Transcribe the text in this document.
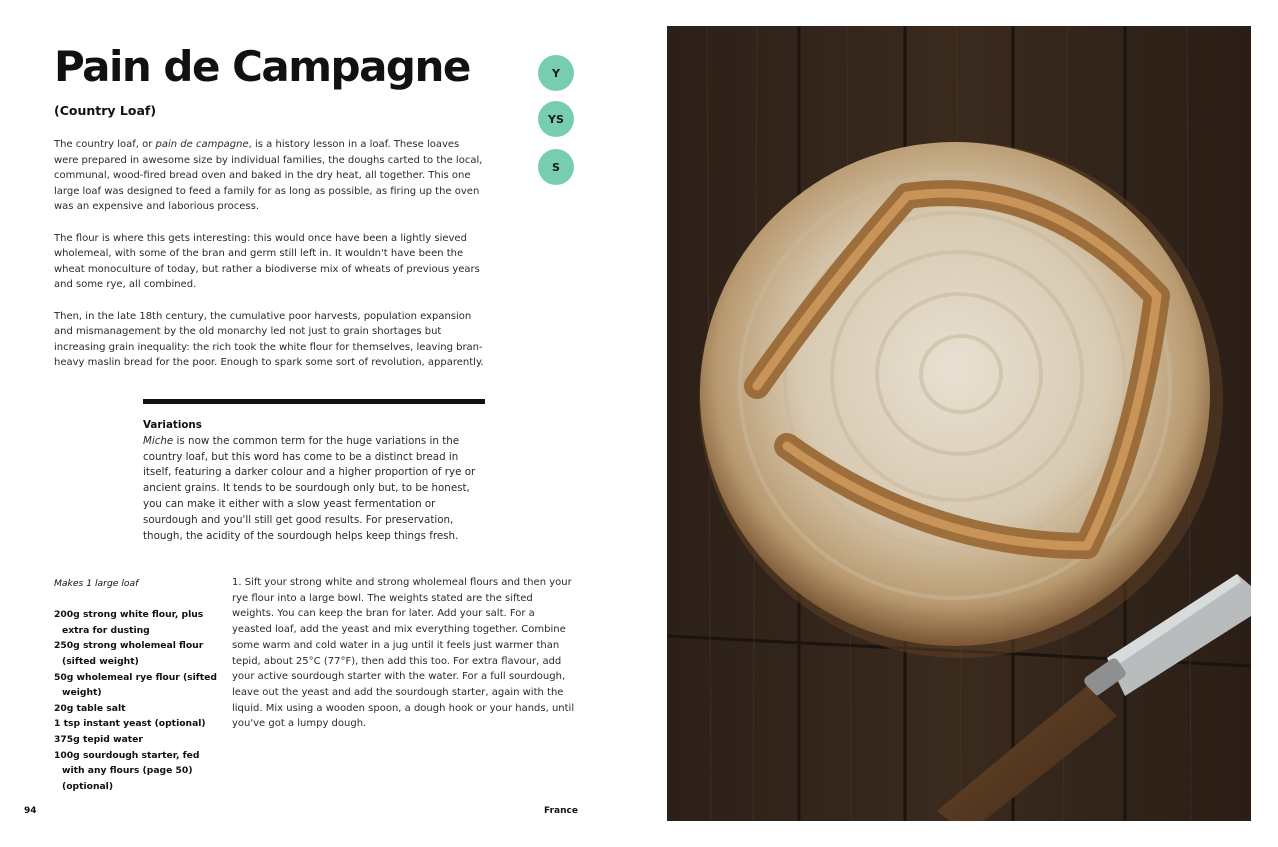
Pain de Campagne
(Country Loaf)
Y
YS
S

The country loaf, or pain de campagne, is a history lesson in a loaf. These loaves were prepared in awesome size by individual families, the doughs carted to the local, communal, wood-fired bread oven and baked in the dry heat, all together. This one large loaf was designed to feed a family for as long as possible, as firing up the oven was an expensive and laborious process.

The flour is where this gets interesting: this would once have been a lightly sieved wholemeal, with some of the bran and germ still left in. It wouldn't have been the wheat monoculture of today, but rather a biodiverse mix of wheats of previous years and some rye, all combined.

Then, in the late 18th century, the cumulative poor harvests, population expansion and mismanagement by the old monarchy led not just to grain shortages but increasing grain inequality: the rich took the white flour for themselves, leaving bran-heavy maslin bread for the poor. Enough to spark some sort of revolution, apparently.

Variations
Miche is now the common term for the huge variations in the country loaf, but this word has come to be a distinct bread in itself, featuring a darker colour and a higher proportion of rye or ancient grains. It tends to be sourdough only but, to be honest, you can make it either with a slow yeast fermentation or sourdough and you'll still get good results. For preservation, though, the acidity of the sourdough helps keep things fresh.
Makes 1 large loaf
200g strong white flour, plus extra for dusting
250g strong wholemeal flour (sifted weight)
50g wholemeal rye flour (sifted weight)
20g table salt
1 tsp instant yeast (optional)
375g tepid water
100g sourdough starter, fed with any flours (page 50) (optional)

1. Sift your strong white and strong wholemeal flours and then your rye flour into a large bowl. The weights stated are the sifted weights. You can keep the bran for later. Add your salt. For a yeasted loaf, add the yeast and mix everything together. Combine some warm and cold water in a jug until it feels just warmer than tepid, about 25°C (77°F), then add this too. For extra flavour, add your active sourdough starter with the water. For a full sourdough, leave out the yeast and add the sourdough starter, again with the liquid. Mix using a wooden spoon, a dough hook or your hands, until you've got a lumpy dough.

94	France
